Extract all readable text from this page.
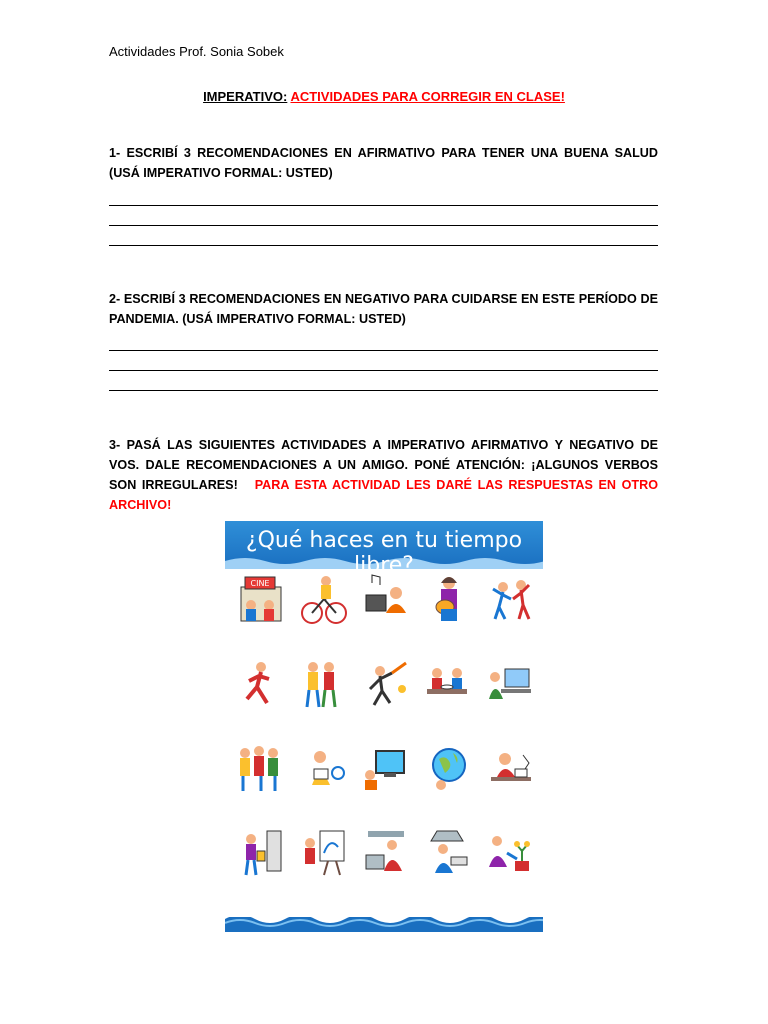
Actividades Prof. Sonia Sobek
IMPERATIVO: ACTIVIDADES PARA CORREGIR EN CLASE!
1- ESCRIBÍ 3 RECOMENDACIONES EN AFIRMATIVO PARA TENER UNA BUENA SALUD (USÁ IMPERATIVO FORMAL: USTED)
2- ESCRIBÍ 3 RECOMENDACIONES EN NEGATIVO PARA CUIDARSE EN ESTE PERÍODO DE PANDEMIA. (USÁ IMPERATIVO FORMAL: USTED)
3- PASÁ LAS SIGUIENTES ACTIVIDADES A IMPERATIVO AFIRMATIVO Y NEGATIVO DE VOS. DALE RECOMENDACIONES A UN AMIGO. PONÉ ATENCIÓN: ¡ALGUNOS VERBOS SON IRREGULARES! PARA ESTA ACTIVIDAD LES DARÉ LAS RESPUESTAS EN OTRO ARCHIVO!
¿Qué haces en tu tiempo libre?
CINE
